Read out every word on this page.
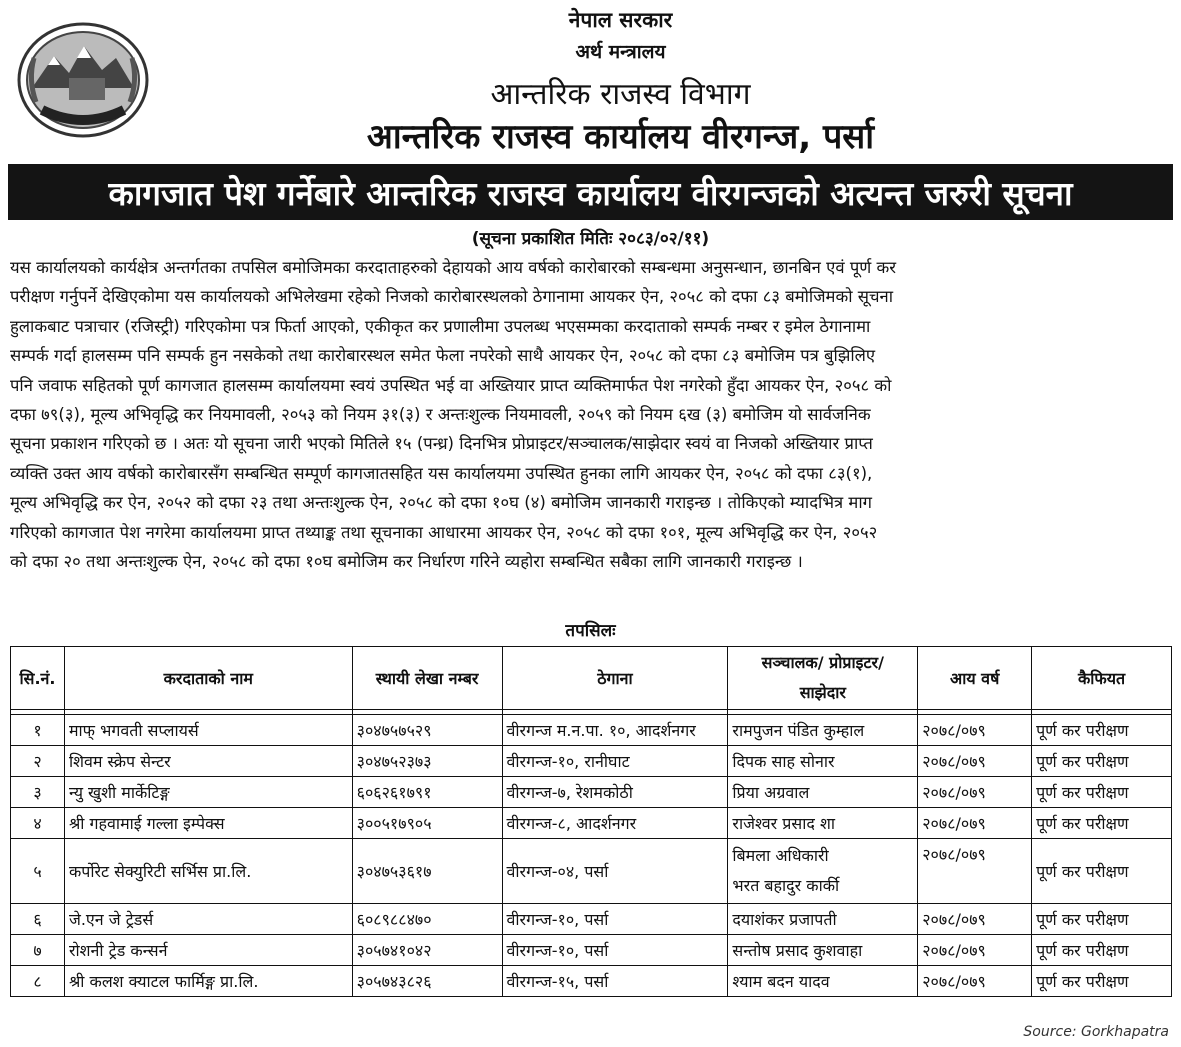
नेपाल सरकार
अर्थ मन्त्रालय
आन्तरिक राजस्व विभाग
आन्तरिक राजस्व कार्यालय वीरगन्ज, पर्सा
कागजात पेश गर्नेबारे आन्तरिक राजस्व कार्यालय वीरगन्जको अत्यन्त जरुरी सूचना
(सूचना प्रकाशित मितिः २०८३/०२/११)
यस कार्यालयको कार्यक्षेत्र अन्तर्गतका तपसिल बमोजिमका करदाताहरुको देहायको आय वर्षको कारोबारको सम्बन्धमा अनुसन्धान, छानबिन एवं पूर्ण कर
परीक्षण गर्नुपर्ने देखिएकोमा यस कार्यालयको अभिलेखमा रहेको निजको कारोबारस्थलको ठेगानामा आयकर ऐन, २०५८ को दफा ८३ बमोजिमको सूचना
हुलाकबाट पत्राचार (रजिस्ट्री) गरिएकोमा पत्र फिर्ता आएको, एकीकृत कर प्रणालीमा उपलब्ध भएसम्मका करदाताको सम्पर्क नम्बर र इमेल ठेगानामा
सम्पर्क गर्दा हालसम्म पनि सम्पर्क हुन नसकेको तथा कारोबारस्थल समेत फेला नपरेको साथै आयकर ऐन, २०५८ को दफा ८३ बमोजिम पत्र बुझिलिए
पनि जवाफ सहितको पूर्ण कागजात हालसम्म कार्यालयमा स्वयं उपस्थित भई वा अख्तियार प्राप्त व्यक्तिमार्फत पेश नगरेको हुँदा आयकर ऐन, २०५८ को
दफा ७९(३), मूल्य अभिवृद्धि कर नियमावली, २०५३ को नियम ३१(३) र अन्तःशुल्क नियमावली, २०५९ को नियम ६ख (३) बमोजिम यो सार्वजनिक
सूचना प्रकाशन गरिएको छ । अतः यो सूचना जारी भएको मितिले १५ (पन्ध्र) दिनभित्र प्रोप्राइटर/सञ्चालक/साझेदार स्वयं वा निजको अख्तियार प्राप्त
व्यक्ति उक्त आय वर्षको कारोबारसँग सम्बन्धित सम्पूर्ण कागजातसहित यस कार्यालयमा उपस्थित हुनका लागि आयकर ऐन, २०५८ को दफा ८३(१),
मूल्य अभिवृद्धि कर ऐन, २०५२ को दफा २३ तथा अन्तःशुल्क ऐन, २०५८ को दफा १०घ (४) बमोजिम जानकारी गराइन्छ । तोकिएको म्यादभित्र माग
गरिएको कागजात पेश नगरेमा कार्यालयमा प्राप्त तथ्याङ्क तथा सूचनाका आधारमा आयकर ऐन, २०५८ को दफा १०१, मूल्य अभिवृद्धि कर ऐन, २०५२
को दफा २० तथा अन्तःशुल्क ऐन, २०५८ को दफा १०घ बमोजिम कर निर्धारण गरिने व्यहोरा सम्बन्धित सबैका लागि जानकारी गराइन्छ ।
तपसिलः
सि.नं.	करदाताको नाम	स्थायी लेखा नम्बर	ठेगाना	सञ्चालक/ प्रोप्राइटर/
साझेदार	आय वर्ष	कैफियत

१	माफ्‌ भगवती सप्लायर्स	३०४७५७५२९	वीरगन्ज म.न.पा. १०, आदर्शनगर	रामपुजन पंडित कुम्हाल	२०७८/०७९	पूर्ण कर परीक्षण
२	शिवम स्क्रेप सेन्टर	३०४७५२३७३	वीरगन्ज-१०, रानीघाट	दिपक साह सोनार	२०७८/०७९	पूर्ण कर परीक्षण
३	न्यु खुशी मार्केटिङ्ग	६०६२६१७९१	वीरगन्ज-७, रेशमकोठी	प्रिया अग्रवाल	२०७८/०७९	पूर्ण कर परीक्षण
४	श्री गहवामाई गल्ला इम्पेक्स	३००५१७९०५	वीरगन्ज-८, आदर्शनगर	राजेश्वर प्रसाद शा	२०७८/०७९	पूर्ण कर परीक्षण
५	कर्पोरेट सेक्युरिटी सर्भिस प्रा.लि.	३०४७५३६१७	वीरगन्ज-०४, पर्सा	बिमला अधिकारी
भरत बहादुर कार्की	२०७८/०७९	पूर्ण कर परीक्षण
६	जे.एन जे ट्रेडर्स	६०८९८८४७०	वीरगन्ज-१०, पर्सा	दयाशंकर प्रजापती	२०७८/०७९	पूर्ण कर परीक्षण
७	रोशनी ट्रेड कन्सर्न	३०५७४१०४२	वीरगन्ज-१०, पर्सा	सन्तोष प्रसाद कुशवाहा	२०७८/०७९	पूर्ण कर परीक्षण
८	श्री कलश क्याटल फार्मिङ्ग प्रा.लि.	३०५७४३८२६	वीरगन्ज-१५, पर्सा	श्याम बदन यादव	२०७८/०७९	पूर्ण कर परीक्षण
Source: Gorkhapatra
